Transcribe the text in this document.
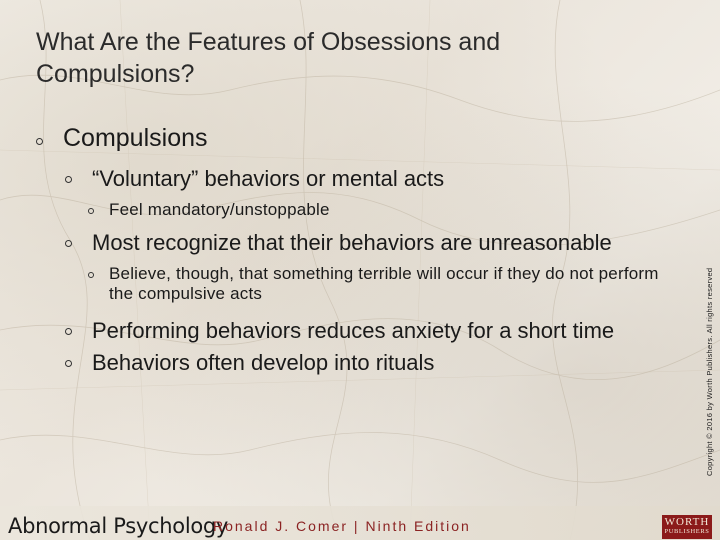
What Are the Features of Obsessions and Compulsions?
Compulsions
“Voluntary” behaviors or mental acts
Feel mandatory/unstoppable
Most recognize that their behaviors are unreasonable
Believe, though, that something terrible will occur if they do not perform the compulsive acts
Performing behaviors reduces anxiety for a short time
Behaviors often develop into rituals	Copyright © 2016 by Worth Publishers. All rights reserved
Abnormal Psychology
Ronald J. Comer | Ninth Edition	WORTH
PUBLISHERS
